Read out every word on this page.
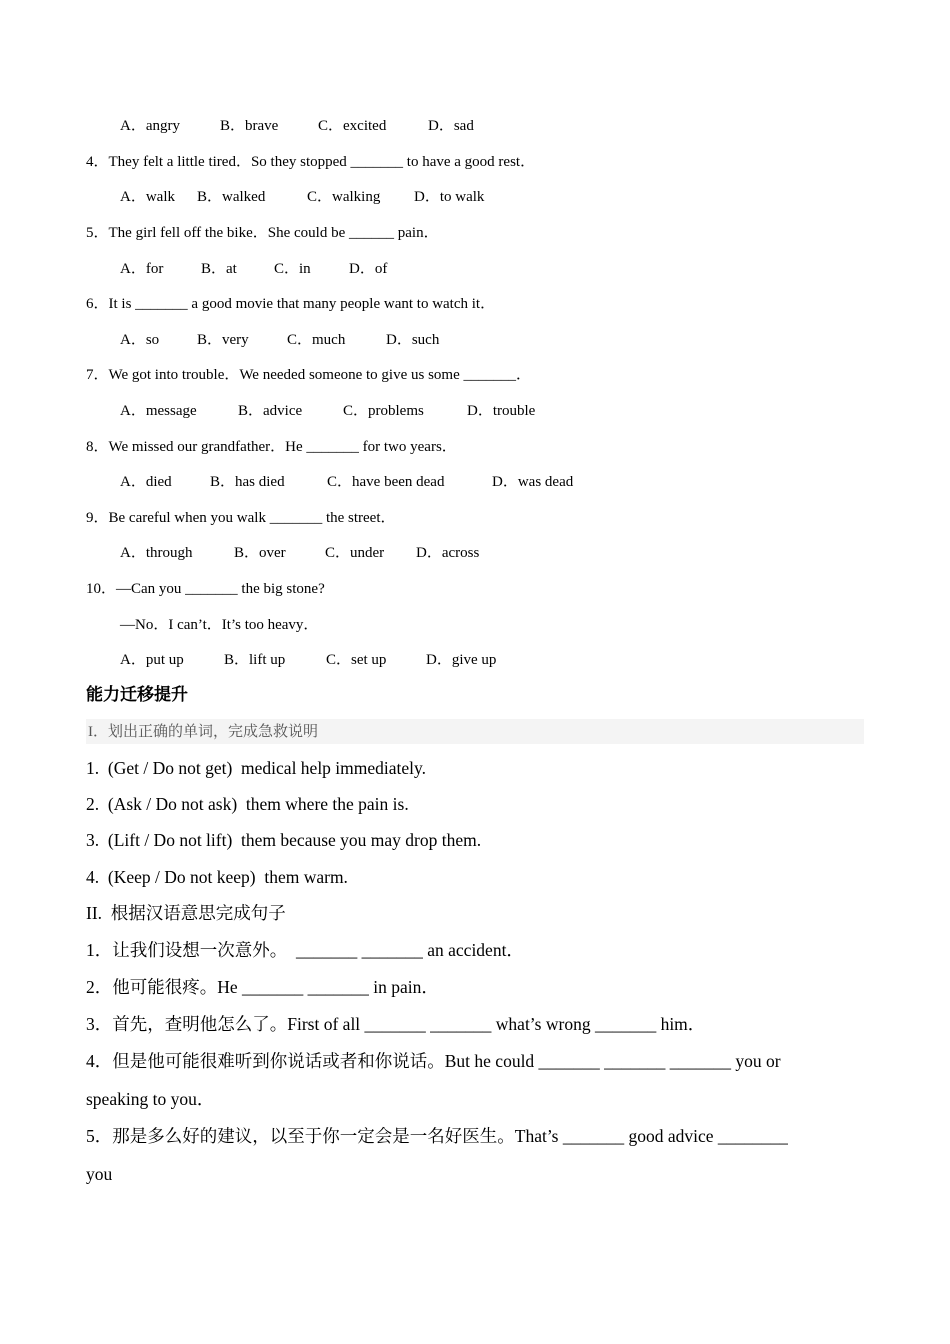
A．angry

	B．brave

	C．excited

	D．sad

4．They felt a little tired．So they stopped _______ to have a good rest．

A．walk

B．walked

	C．walking

D．to walk

5．The girl fell off the bike．She could be ______ pain．

A．for

	B．at

C．in

	D．of

6．It is _______ a good movie that many people want to watch it．

A．so

	B．very

	C．much

	D．such

7．We got into trouble．We needed someone to give us some _______．

A．message

	B．advice

	C．problems

	D．trouble

8．We missed our grandfather．He _______ for two years．

A．died

	B．has died

	C．have been dead

	D．was dead

9．Be careful when you walk _______ the street．

A．through

	B．over

	C．under

D．across

10．—Can you _______ the big stone?
—No．I can’t．It’s too heavy．

A．put up

	B．lift up

	C．set up

	D．give up

能力迁移提升
I．划出正确的单词，完成急救说明
1.  (Get / Do not get)  medical help immediately.
2.  (Ask / Do not ask)  them where the pain is.
3.  (Lift / Do not lift)  them because you may drop them.
4.  (Keep / Do not keep)  them warm.
II.  根据汉语意思完成句子
1．让我们设想一次意外。  _______ _______ an accident．
2．他可能很疼。He _______ _______ in pain．
3．首先，查明他怎么了。First of all _______ _______ what’s wrong _______ him．
4．但是他可能很难听到你说话或者和你说话。But he could _______ _______ _______ you or
speaking to you．
5．那是多么好的建议，以至于你一定会是一名好医生。That’s _______ good advice ________
you
